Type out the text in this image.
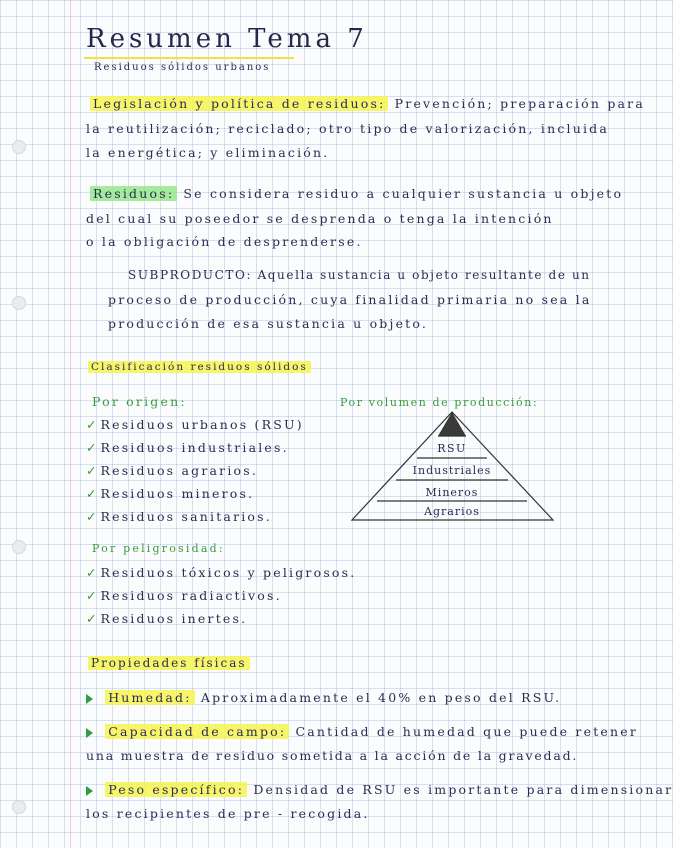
Resumen Tema 7
Residuos sólidos urbanos
Legislación y política de residuos: Prevención; preparación para
la reutilización; reciclado; otro tipo de valorización, incluida
la energética; y eliminación.
Residuos: Se considera residuo a cualquier sustancia u objeto
del cual su poseedor se desprenda o tenga la intención
o la obligación de desprenderse.
SUBPRODUCTO: Aquella sustancia u objeto resultante de un
proceso de producción, cuya finalidad primaria no sea la
producción de esa sustancia u objeto.
Clasificación residuos sólidos
Por origen:	Por volumen de producción:
✓ Residuos urbanos (RSU)
✓ Residuos industriales.
✓ Residuos agrarios.
✓ Residuos mineros.
✓ Residuos sanitarios.
RSU
Industriales
Mineros
Agrarios
Por peligrosidad:
✓ Residuos tóxicos y peligrosos.
✓ Residuos radiactivos.
✓ Residuos inertes.
Propiedades físicas
Humedad: Aproximadamente el 40% en peso del RSU.
Capacidad de campo: Cantidad de humedad que puede retener
una muestra de residuo sometida a la acción de la gravedad.
Peso específico: Densidad de RSU es importante para dimensionar
los recipientes de pre - recogida.
